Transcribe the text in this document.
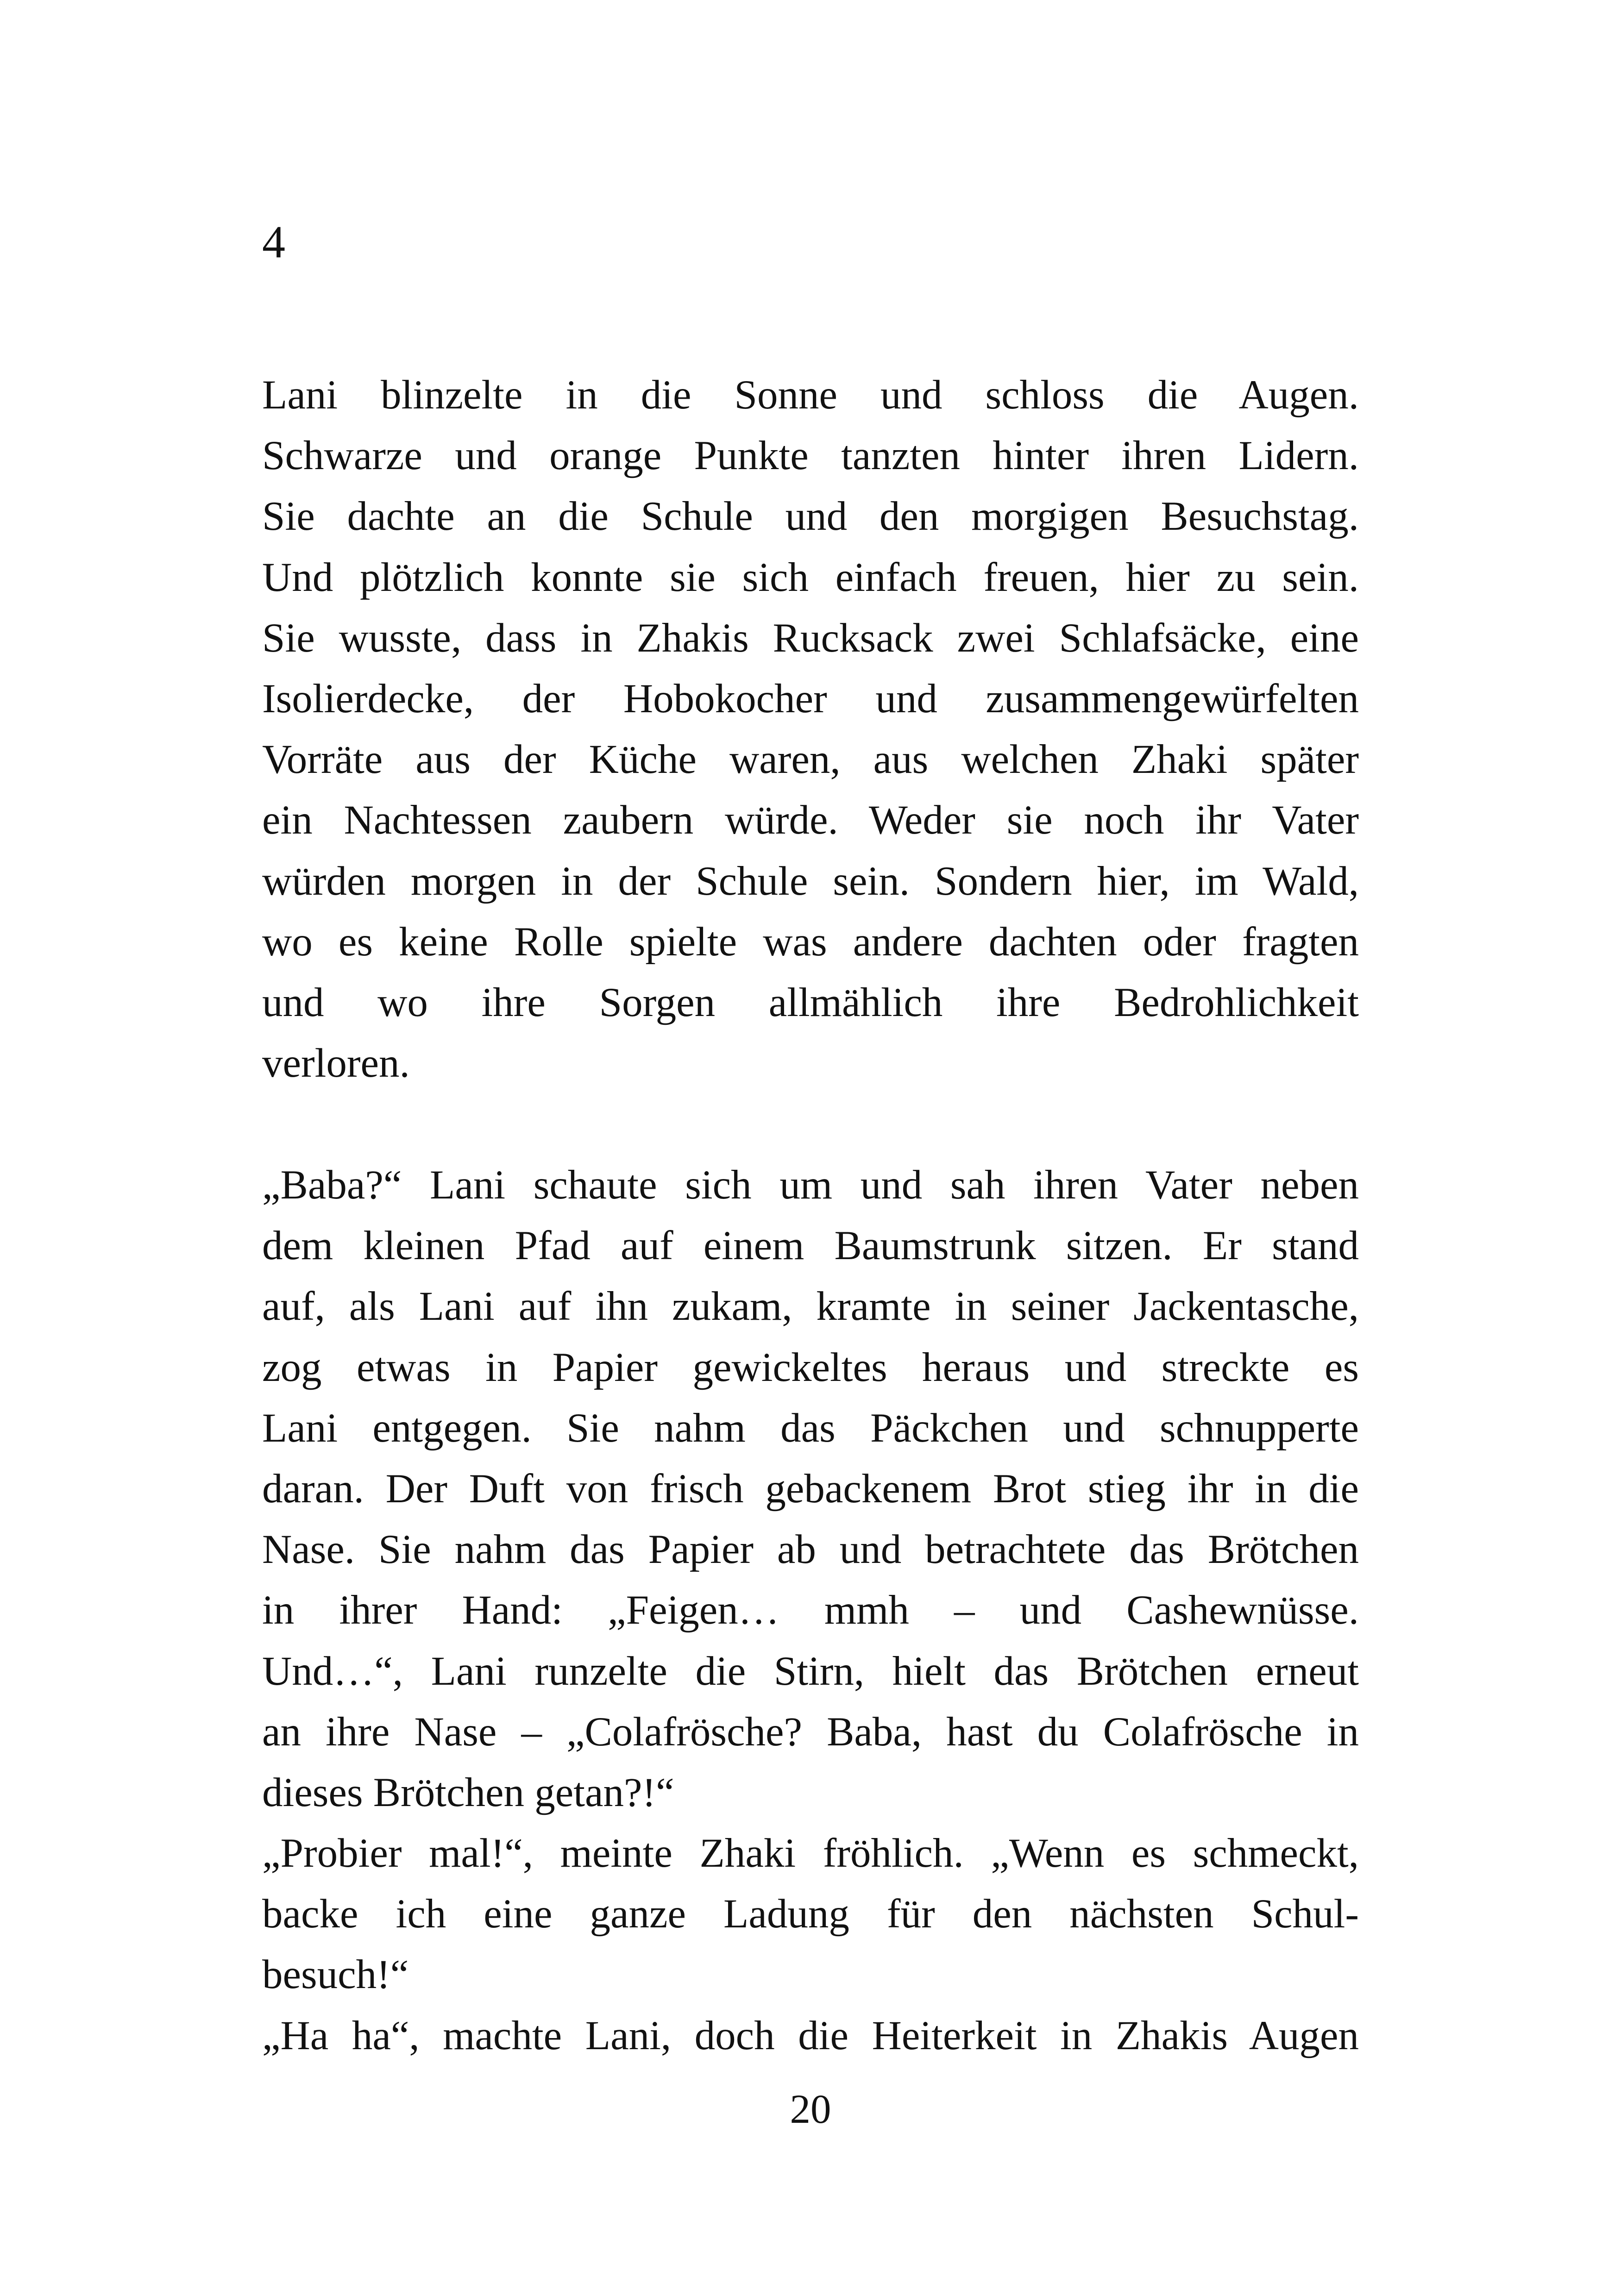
4
Lani blinzelte in die Sonne und schloss die Augen.
Schwarze und orange Punkte tanzten hinter ihren Lidern.
Sie dachte an die Schule und den morgigen Besuchstag.
Und plötzlich konnte sie sich einfach freuen, hier zu sein.
Sie wusste, dass in Zhakis Rucksack zwei Schlafsäcke, eine
Isolierdecke, der Hobokocher und zusammengewürfelten
Vorräte aus der Küche waren, aus welchen Zhaki später
ein Nachtessen zaubern würde. Weder sie noch ihr Vater
würden morgen in der Schule sein. Sondern hier, im Wald,
wo es keine Rolle spielte was andere dachten oder fragten
und wo ihre Sorgen allmählich ihre Bedrohlichkeit
verloren.
„Baba?“ Lani schaute sich um und sah ihren Vater neben
dem kleinen Pfad auf einem Baumstrunk sitzen. Er stand
auf, als Lani auf ihn zukam, kramte in seiner Jackentasche,
zog etwas in Papier gewickeltes heraus und streckte es
Lani entgegen. Sie nahm das Päckchen und schnupperte
daran. Der Duft von frisch gebackenem Brot stieg ihr in die
Nase. Sie nahm das Papier ab und betrachtete das Brötchen
in ihrer Hand: „Feigen… mmh – und Cashewnüsse.
Und…“, Lani runzelte die Stirn, hielt das Brötchen erneut
an ihre Nase – „Colafrösche? Baba, hast du Colafrösche in
dieses Brötchen getan?!“
„Probier mal!“, meinte Zhaki fröhlich. „Wenn es schmeckt,
backe ich eine ganze Ladung für den nächsten Schul-
besuch!“
„Ha ha“, machte Lani, doch die Heiterkeit in Zhakis Augen
20
